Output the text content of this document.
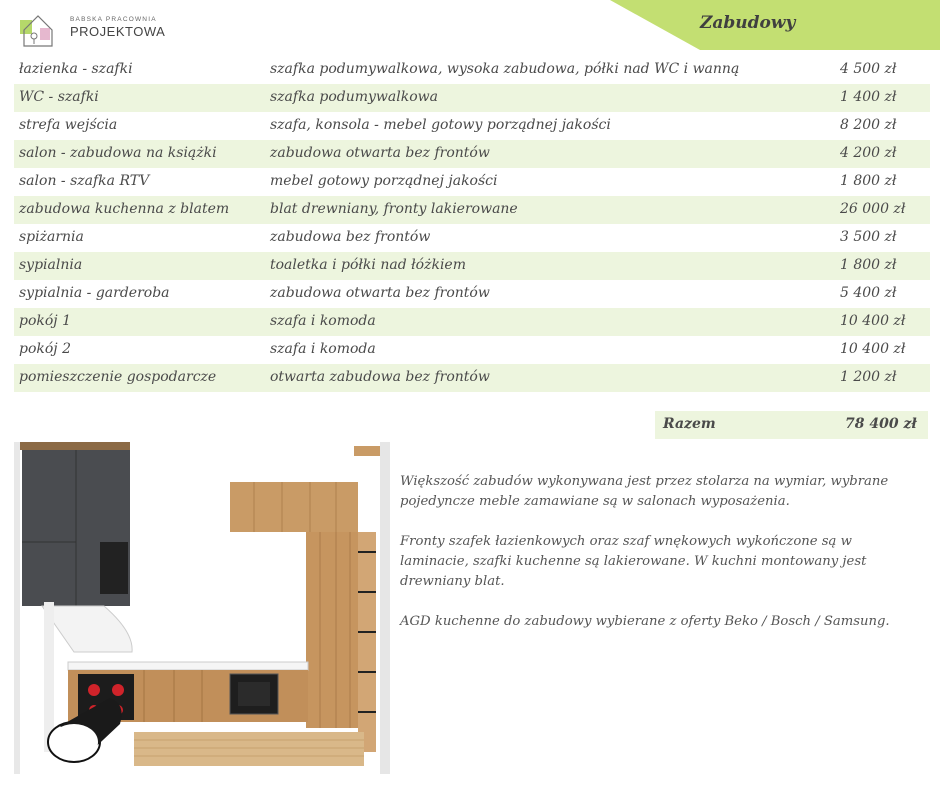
BABSKA PRACOWNIA
PROJEKTOWA	Zabudowy
łazienka - szafki	szafka podumywalkowa, wysoka zabudowa, półki nad WC i wanną	4 500 zł
WC - szafki	szafka podumywalkowa	1 400 zł
strefa wejścia	szafa, konsola - mebel gotowy porządnej jakości	8 200 zł
salon - zabudowa na książki	zabudowa otwarta bez frontów	4 200 zł
salon - szafka RTV	mebel gotowy porządnej jakości	1 800 zł
zabudowa kuchenna z blatem	blat drewniany, fronty lakierowane	26 000 zł
spiżarnia	zabudowa bez frontów	3 500 zł
sypialnia	toaletka i półki nad łóżkiem	1 800 zł
sypialnia - garderoba	zabudowa otwarta bez frontów	5 400 zł
pokój 1	szafa i komoda	10 400 zł
pokój 2	szafa i komoda	10 400 zł
pomieszczenie gospodarcze	otwarta zabudowa bez frontów	1 200 zł
Razem	78 400 zł

Większość zabudów wykonywana jest przez stolarza na wymiar, wybrane pojedyncze meble zamawiane są w salonach wyposażenia.

Fronty szafek łazienkowych oraz szaf wnękowych wykończone są w laminacie, szafki kuchenne są lakierowane. W kuchni montowany jest drewniany blat.

AGD kuchenne do zabudowy wybierane z oferty Beko / Bosch / Samsung.
